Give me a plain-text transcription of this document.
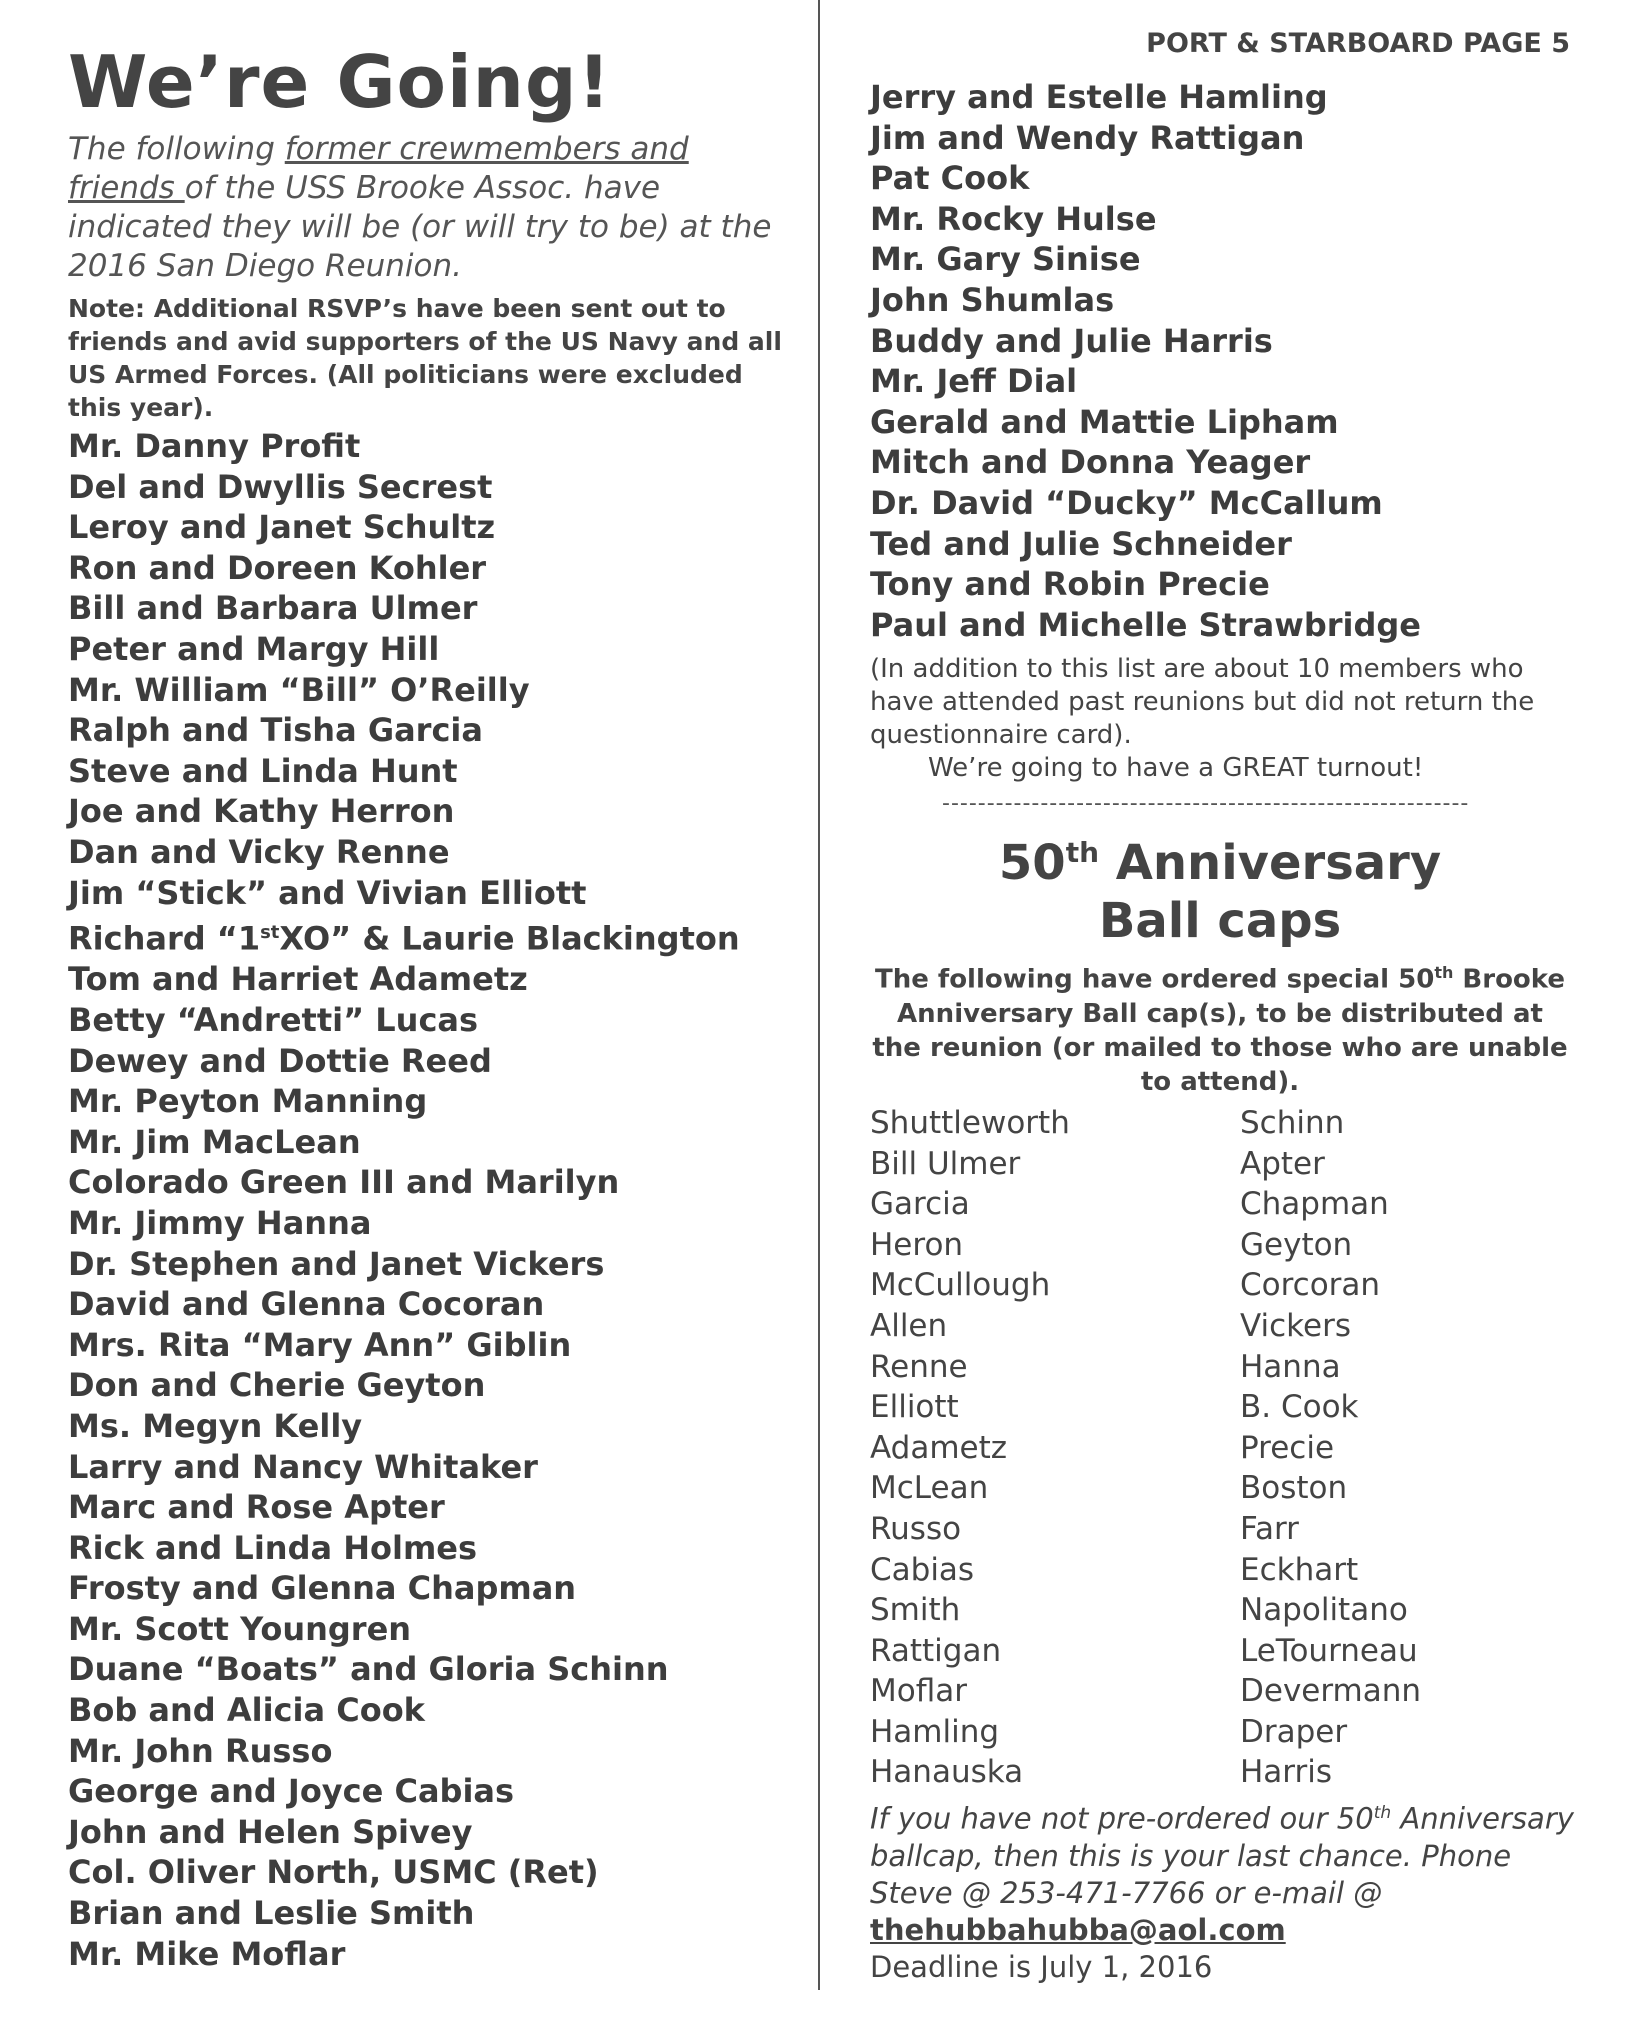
We’re Going!

The following former crewmembers and friends of the USS Brooke Assoc. have indicated they will be (or will try to be) at the 2016 San Diego Reunion.

Note: Additional RSVP’s have been sent out to friends and avid supporters of the US Navy and all US Armed Forces. (All politicians were excluded this year).

Mr. Danny Profit
Del and Dwyllis Secrest
Leroy and Janet Schultz
Ron and Doreen Kohler
Bill and Barbara Ulmer
Peter and Margy Hill
Mr. William “Bill” O’Reilly
Ralph and Tisha Garcia
Steve and Linda Hunt
Joe and Kathy Herron
Dan and Vicky Renne
Jim “Stick” and Vivian Elliott
Richard “1stXO” & Laurie Blackington
Tom and Harriet Adametz
Betty “Andretti” Lucas
Dewey and Dottie Reed
Mr. Peyton Manning
Mr. Jim MacLean
Colorado Green III and Marilyn
Mr. Jimmy Hanna
Dr. Stephen and Janet Vickers
David and Glenna Cocoran
Mrs. Rita “Mary Ann” Giblin
Don and Cherie Geyton
Ms. Megyn Kelly
Larry and Nancy Whitaker
Marc and Rose Apter
Rick and Linda Holmes
Frosty and Glenna Chapman
Mr. Scott Youngren
Duane “Boats” and Gloria Schinn
Bob and Alicia Cook
Mr. John Russo
George and Joyce Cabias
John and Helen Spivey
Col. Oliver North, USMC (Ret)
Brian and Leslie Smith
Mr. Mike Moflar
PORT & STARBOARD PAGE 5
Jerry and Estelle Hamling
Jim and Wendy Rattigan
Pat Cook
Mr. Rocky Hulse
Mr. Gary Sinise
John Shumlas
Buddy and Julie Harris
Mr. Jeff Dial
Gerald and Mattie Lipham
Mitch and Donna Yeager
Dr. David “Ducky” McCallum
Ted and Julie Schneider
Tony and Robin Precie
Paul and Michelle Strawbridge

(In addition to this list are about 10 members who have attended past reunions but did not return the questionnaire card).

We’re going to have a GREAT turnout!

-----------------------------------------------------------
50th Anniversary
Ball caps

The following have ordered special 50th Brooke Anniversary Ball cap(s), to be distributed at the reunion (or mailed to those who are unable to attend).

Shuttleworth	Schinn
Bill Ulmer	Apter
Garcia	Chapman
Heron	Geyton
McCullough	Corcoran
Allen	Vickers
Renne	Hanna
Elliott	B. Cook
Adametz	Precie
McLean	Boston
Russo	Farr
Cabias	Eckhart
Smith	Napolitano
Rattigan	LeTourneau
Moflar	Devermann
Hamling	Draper
Hanauska	Harris

If you have not pre-ordered our 50th Anniversary ballcap, then this is your last chance. Phone Steve @ 253-471-7766 or e-mail @ thehubbahubba@aol.com

Deadline is July 1, 2016
